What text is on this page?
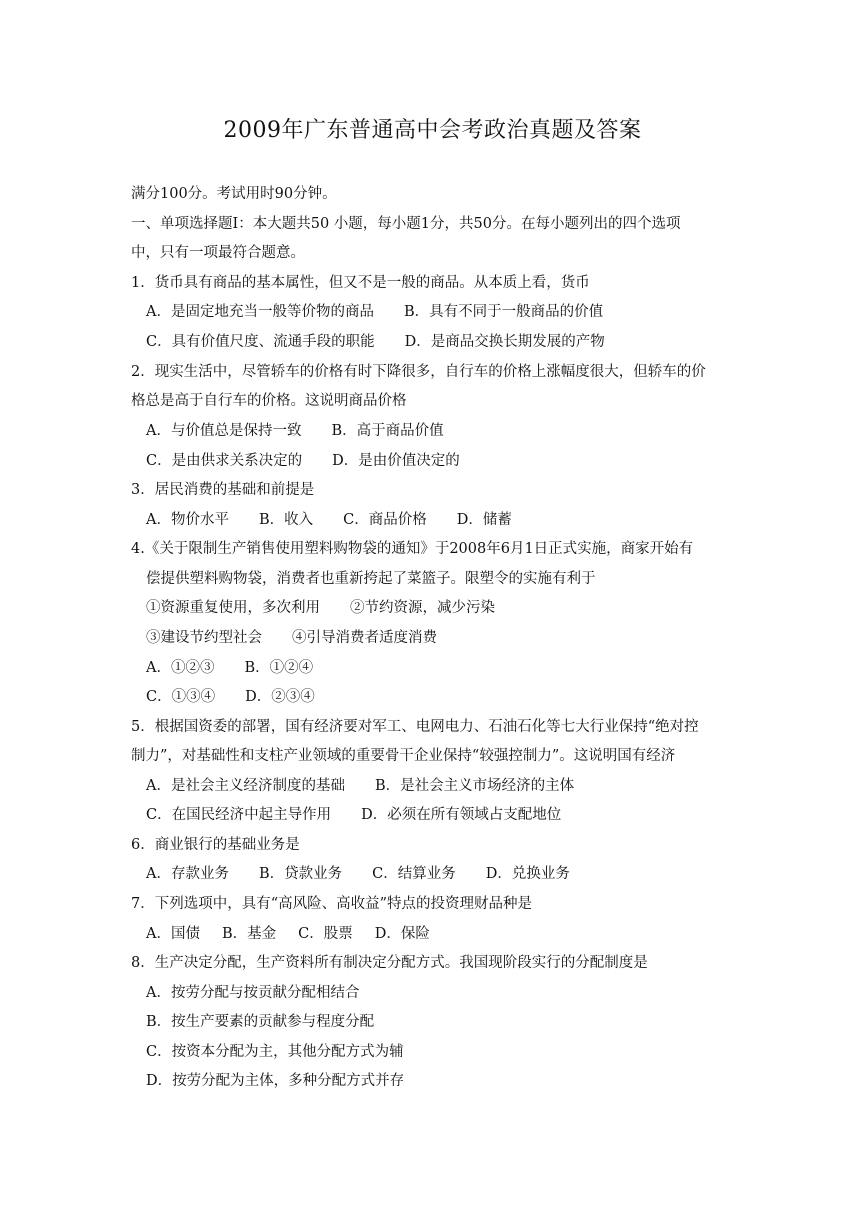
2009年广东普通高中会考政治真题及答案
满分100分。考试用时90分钟。
一、单项选择题Ⅰ：本大题共50 小题，每小题1分，共50分。在每小题列出的四个选项
中，只有一项最符合题意。
1．货币具有商品的基本属性，但又不是一般的商品。从本质上看，货币
A．是固定地充当一般等价物的商品 B．具有不同于一般商品的价值
C．具有价值尺度、流通手段的职能 D．是商品交换长期发展的产物
2．现实生活中，尽管轿车的价格有时下降很多，自行车的价格上涨幅度很大，但轿车的价
格总是高于自行车的价格。这说明商品价格
A．与价值总是保持一致 B．高于商品价值
C．是由供求关系决定的 D．是由价值决定的
3．居民消费的基础和前提是
A．物价水平 B．收入 C．商品价格 D．储蓄
4.《关于限制生产销售使用塑料购物袋的通知》于2008年6月1日正式实施，商家开始有
偿提供塑料购物袋，消费者也重新挎起了菜篮子。限塑令的实施有利于
①资源重复使用，多次利用 ②节约资源，减少污染
③建设节约型社会 ④引导消费者适度消费
A．①②③ B．①②④
C．①③④ D．②③④
5．根据国资委的部署，国有经济要对军工、电网电力、石油石化等七大行业保持“绝对控
制力”，对基础性和支柱产业领域的重要骨干企业保持“较强控制力”。这说明国有经济
A．是社会主义经济制度的基础 B．是社会主义市场经济的主体
C．在国民经济中起主导作用 D．必须在所有领域占支配地位
6．商业银行的基础业务是
A．存款业务 B．贷款业务 C．结算业务 D．兑换业务
7．下列选项中，具有“高风险、高收益”特点的投资理财品种是
A．国债 B．基金 C．股票 D．保险
8．生产决定分配，生产资料所有制决定分配方式。我国现阶段实行的分配制度是
A．按劳分配与按贡献分配相结合
B．按生产要素的贡献参与程度分配
C．按资本分配为主，其他分配方式为辅
D．按劳分配为主体，多种分配方式并存
